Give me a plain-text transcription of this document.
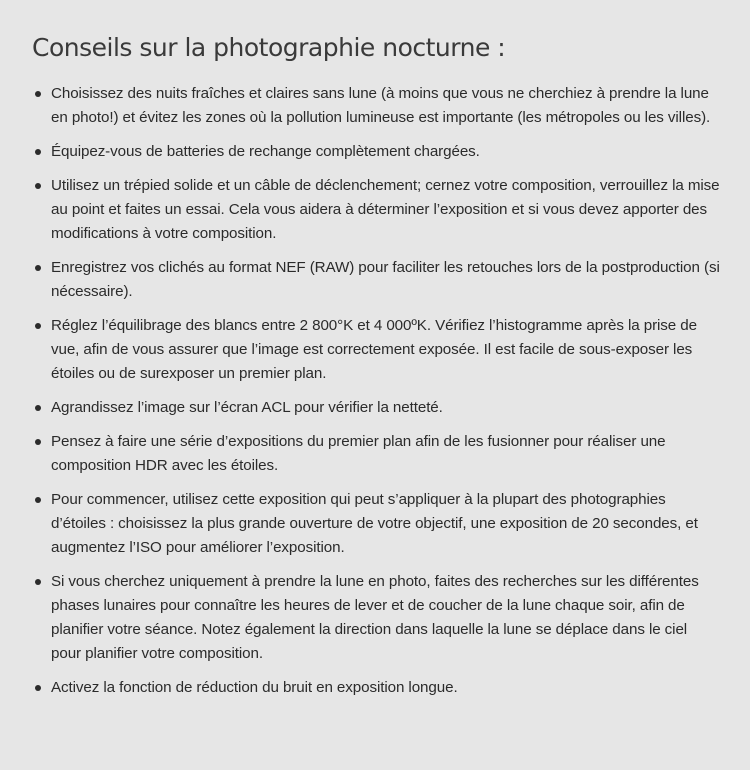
Conseils sur la photographie nocturne :
Choisissez des nuits fraîches et claires sans lune (à moins que vous ne cherchiez à prendre la lune en photo!) et évitez les zones où la pollution lumineuse est importante (les métropoles ou les villes).
Équipez-vous de batteries de rechange complètement chargées.
Utilisez un trépied solide et un câble de déclenchement; cernez votre composition, verrouillez la mise au point et faites un essai. Cela vous aidera à déterminer l’exposition et si vous devez apporter des modifications à votre composition.
Enregistrez vos clichés au format NEF (RAW) pour faciliter les retouches lors de la postproduction (si nécessaire).
Réglez l’équilibrage des blancs entre 2 800°K et 4 000ºK. Vérifiez l’histogramme après la prise de vue, afin de vous assurer que l’image est correctement exposée. Il est facile de sous-exposer les étoiles ou de surexposer un premier plan.
Agrandissez l’image sur l’écran ACL pour vérifier la netteté.
Pensez à faire une série d’expositions du premier plan afin de les fusionner pour réaliser une composition HDR avec les étoiles.
Pour commencer, utilisez cette exposition qui peut s’appliquer à la plupart des photographies d’étoiles : choisissez la plus grande ouverture de votre objectif, une exposition de 20 secondes, et augmentez l’ISO pour améliorer l’exposition.
Si vous cherchez uniquement à prendre la lune en photo, faites des recherches sur les différentes phases lunaires pour connaître les heures de lever et de coucher de la lune chaque soir, afin de planifier votre séance. Notez également la direction dans laquelle la lune se déplace dans le ciel pour planifier votre composition.
Activez la fonction de réduction du bruit en exposition longue.
